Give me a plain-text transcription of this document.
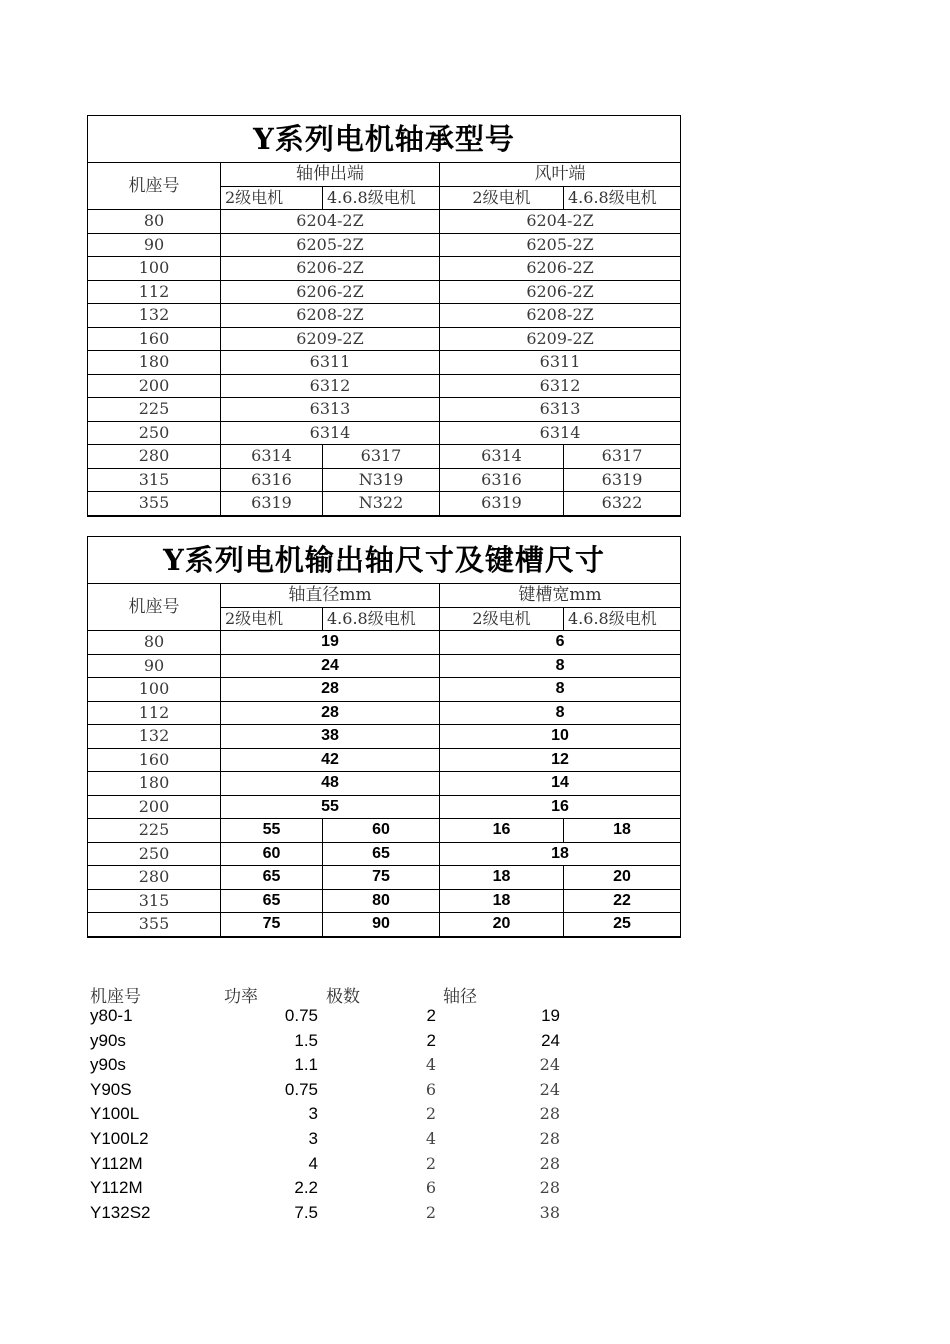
Y系列电机轴承型号				
机座号	轴伸出端		风叶端	
	2级电机	4.6.8级电机	2级电机	4.6.8级电机
80	6204-2Z		6204-2Z	
90	6205-2Z		6205-2Z	
100	6206-2Z		6206-2Z	
112	6206-2Z		6206-2Z	
132	6208-2Z		6208-2Z	
160	6209-2Z		6209-2Z	
180	6311		6311	
200	6312		6312	
225	6313		6313	
250	6314		6314	
280	6314	6317	6314	6317
315	6316	N319	6316	6319
355	6319	N322	6319	6322
Y系列电机输出轴尺寸及键槽尺寸				
机座号	轴直径mm		键槽宽mm	
	2级电机	4.6.8级电机	2级电机	4.6.8级电机
80	19		6	
90	24		8	
100	28		8	
112	28		8	
132	38		10	
160	42		12	
180	48		14	
200	55		16	
225	55	60	16	18
250	60	65	18	
280	65	75	18	20
315	65	80	18	22
355	75	90	20	25
机座号	功率	极数	轴径
y80-1	0.75	2	19
y90s	1.5	2	24
y90s	1.1	4	24
Y90S	0.75	6	24
Y100L	3	2	28
Y100L2	3	4	28
Y112M	4	2	28
Y112M	2.2	6	28
Y132S2	7.5	2	38
